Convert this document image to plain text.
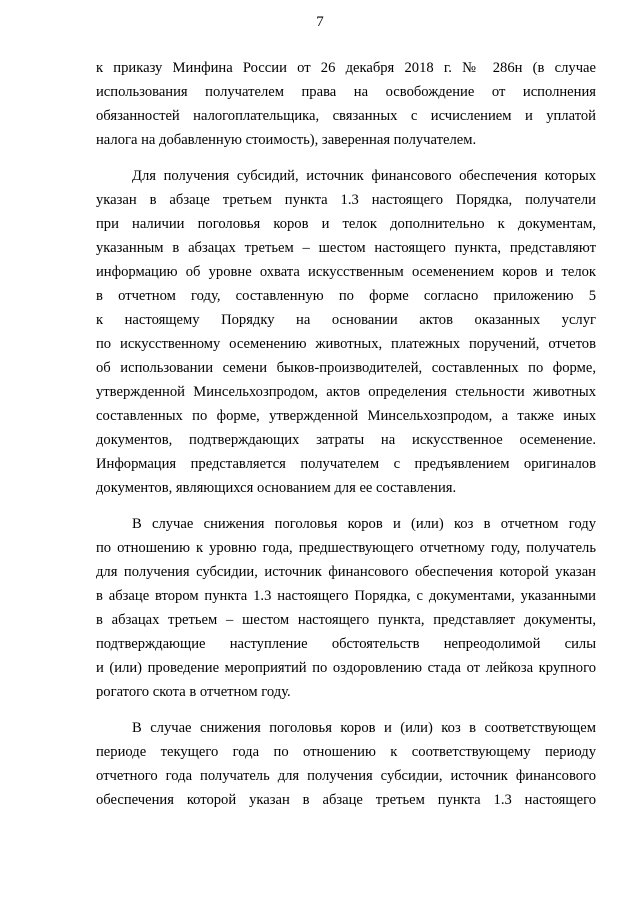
7

к приказу Минфина России от 26 декабря 2018 г. № 286н (в случае
использования получателем права на освобождение от исполнения
обязанностей налогоплательщика, связанных с исчислением и уплатой
налога на добавленную стоимость), заверенная получателем.

Для получения субсидий, источник финансового обеспечения которых
указан в абзаце третьем пункта 1.3 настоящего Порядка, получатели
при наличии поголовья коров и телок дополнительно к документам,
указанным в абзацах третьем – шестом настоящего пункта, представляют
информацию об уровне охвата искусственным осеменением коров и телок
в отчетном году, составленную по форме согласно приложению 5
к настоящему Порядку на основании актов оказанных услуг
по искусственному осеменению животных, платежных поручений, отчетов
об использовании семени быков-производителей, составленных по форме,
утвержденной Минсельхозпродом, актов определения стельности животных
составленных по форме, утвержденной Минсельхозпродом, а также иных
документов, подтверждающих затраты на искусственное осеменение.
Информация представляется получателем с предъявлением оригиналов
документов, являющихся основанием для ее составления.

В случае снижения поголовья коров и (или) коз в отчетном году
по отношению к уровню года, предшествующего отчетному году, получатель
для получения субсидии, источник финансового обеспечения которой указан
в абзаце втором пункта 1.3 настоящего Порядка, с документами, указанными
в абзацах третьем – шестом настоящего пункта, представляет документы,
подтверждающие наступление обстоятельств непреодолимой силы
и (или) проведение мероприятий по оздоровлению стада от лейкоза крупного
рогатого скота в отчетном году.

В случае снижения поголовья коров и (или) коз в соответствующем
периоде текущего года по отношению к соответствующему периоду
отчетного года получатель для получения субсидии, источник финансового
обеспечения которой указан в абзаце третьем пункта 1.3 настоящего
